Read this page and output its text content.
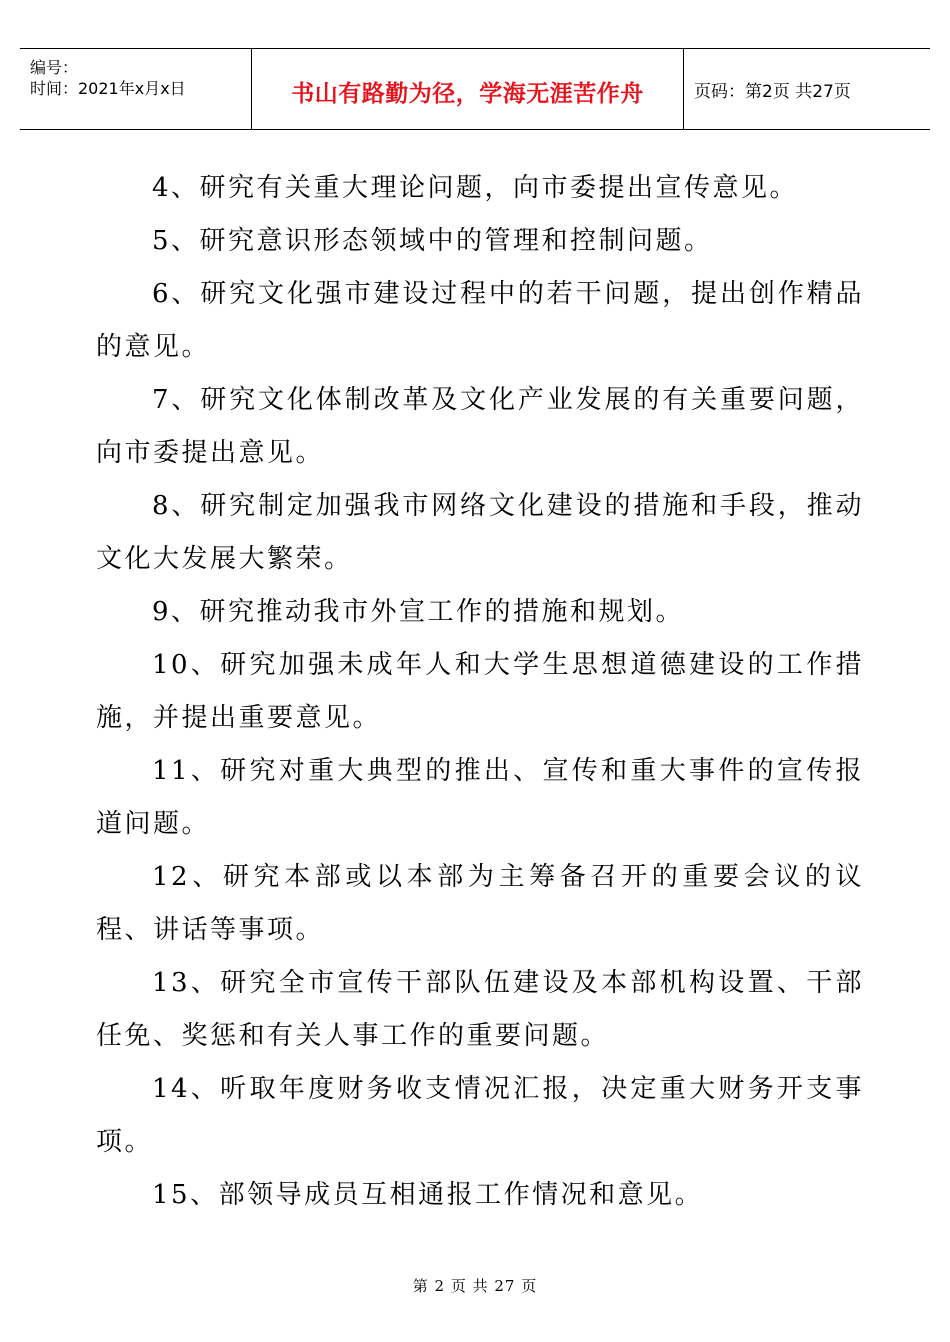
编号：
时间：2021年x月x日	书山有路勤为径，学海无涯苦作舟	页码：第2页 共27页

4、研究有关重大理论问题，向市委提出宣传意见。

5、研究意识形态领域中的管理和控制问题。

6、研究文化强市建设过程中的若干问题，提出创作精品的意见。

7、研究文化体制改革及文化产业发展的有关重要问题，向市委提出意见。

8、研究制定加强我市网络文化建设的措施和手段，推动文化大发展大繁荣。

9、研究推动我市外宣工作的措施和规划。

10、研究加强未成年人和大学生思想道德建设的工作措施，并提出重要意见。

11、研究对重大典型的推出、宣传和重大事件的宣传报道问题。

12、研究本部或以本部为主筹备召开的重要会议的议程、讲话等事项。

13、研究全市宣传干部队伍建设及本部机构设置、干部任免、奖惩和有关人事工作的重要问题。

14、听取年度财务收支情况汇报，决定重大财务开支事项。

15、部领导成员互相通报工作情况和意见。

第 2 页 共 27 页
